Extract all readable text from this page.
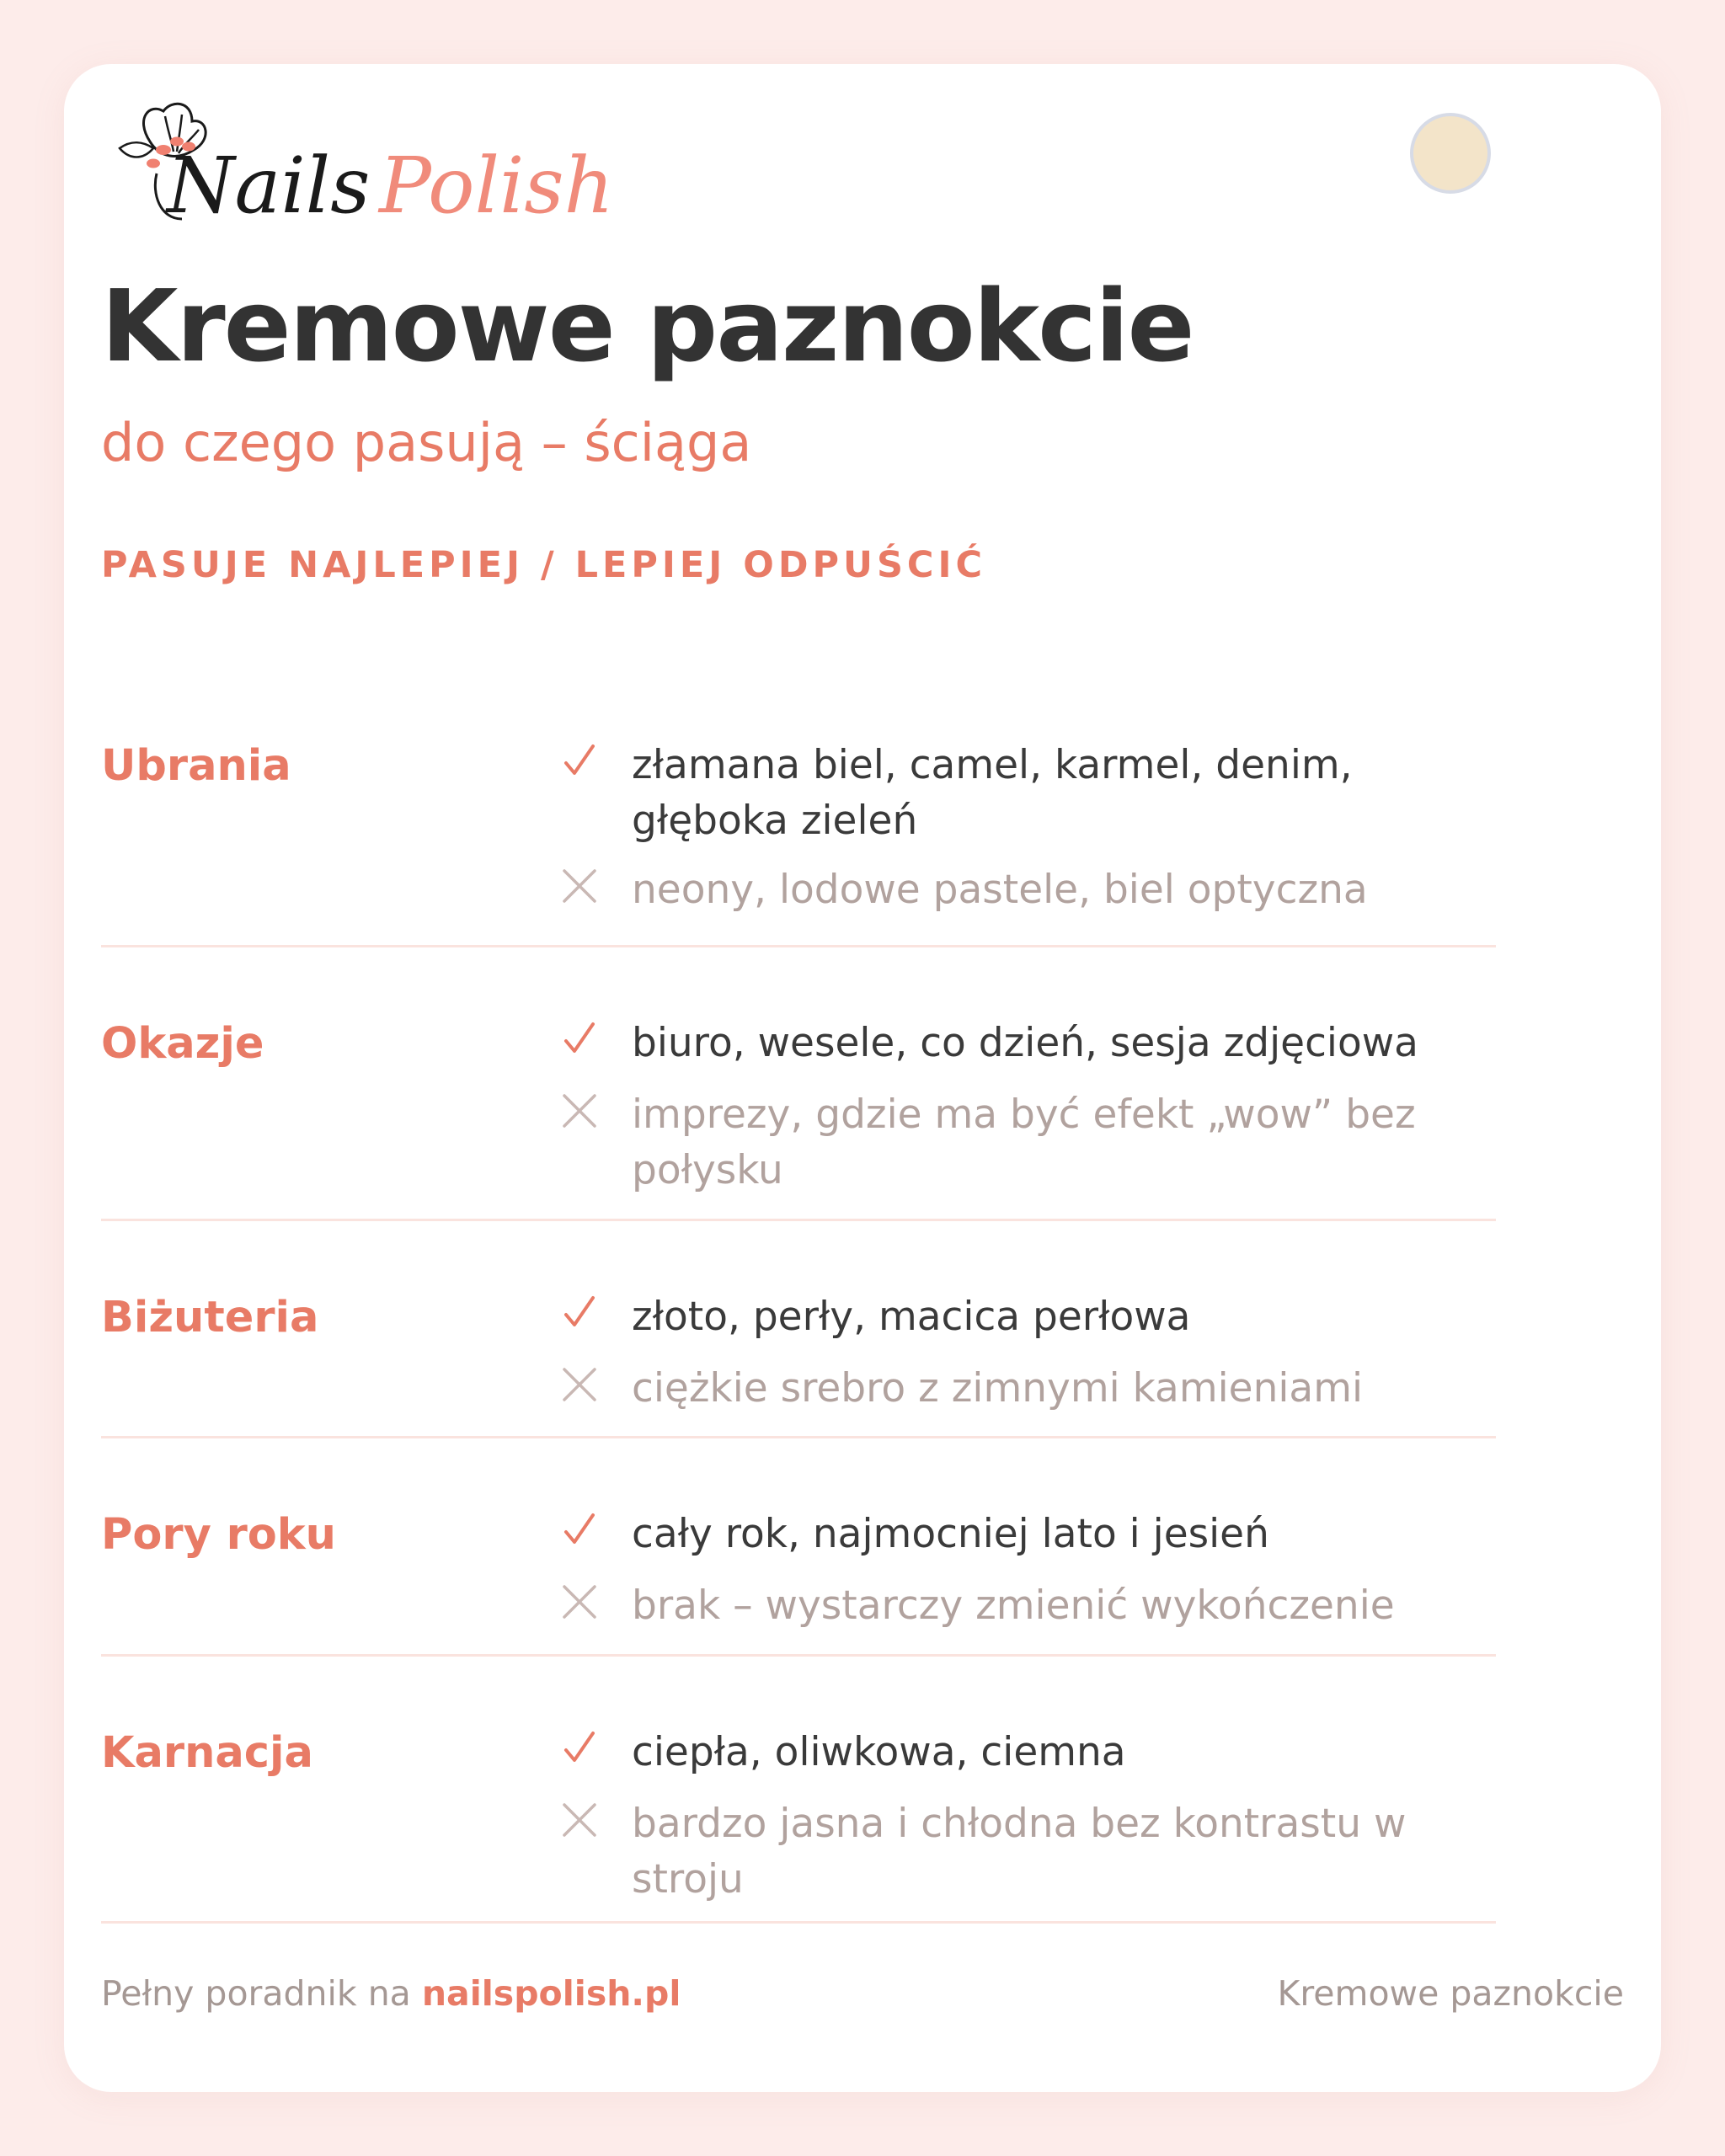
Nails Polish
Kremowe paznokcie

do czego pasują – ściąga

PASUJE NAJLEPIEJ / LEPIEJ ODPUŚCIĆ
Ubrania	złamana biel, camel, karmel, denim, głęboka zieleń
neony, lodowe pastele, biel optyczna
Okazje	biuro, wesele, co dzień, sesja zdjęciowa
imprezy, gdzie ma być efekt „wow” bez połysku
Biżuteria	złoto, perły, macica perłowa
ciężkie srebro z zimnymi kamieniami
Pory roku	cały rok, najmocniej lato i jesień
brak – wystarczy zmienić wykończenie
Karnacja	ciepła, oliwkowa, ciemna
bardzo jasna i chłodna bez kontrastu w stroju
Pełny poradnik na nailspolish.pl	Kremowe paznokcie
